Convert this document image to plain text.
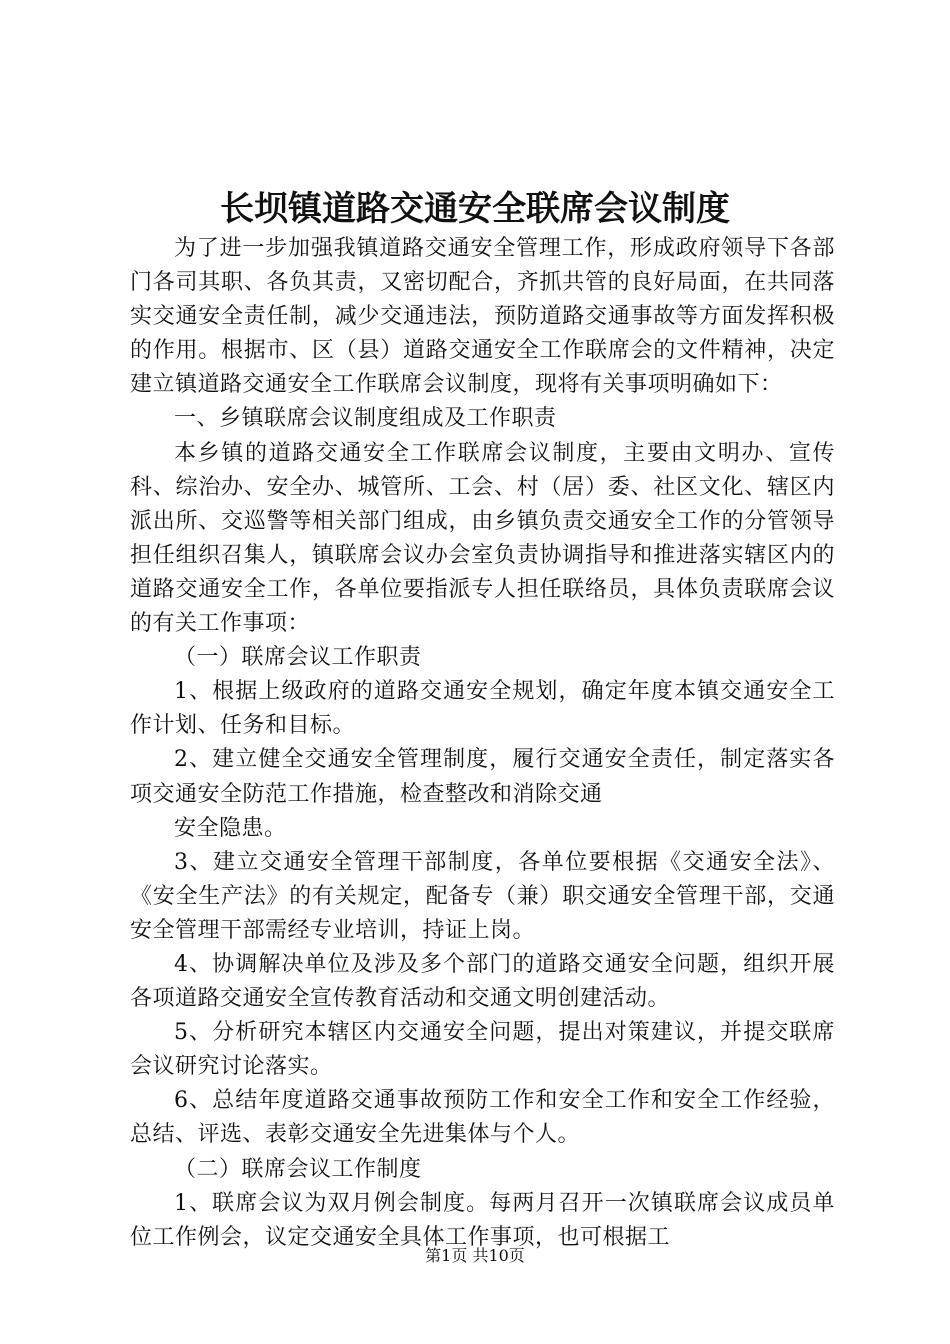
长坝镇道路交通安全联席会议制度

为了进一步加强我镇道路交通安全管理工作，形成政府领导下各部门各司其职、各负其责，又密切配合，齐抓共管的良好局面，在共同落实交通安全责任制，减少交通违法，预防道路交通事故等方面发挥积极的作用。根据市、区（县）道路交通安全工作联席会的文件精神，决定建立镇道路交通安全工作联席会议制度，现将有关事项明确如下：

一、乡镇联席会议制度组成及工作职责

本乡镇的道路交通安全工作联席会议制度，主要由文明办、宣传科、综治办、安全办、城管所、工会、村（居）委、社区文化、辖区内派出所、交巡警等相关部门组成，由乡镇负责交通安全工作的分管领导担任组织召集人，镇联席会议办会室负责协调指导和推进落实辖区内的道路交通安全工作，各单位要指派专人担任联络员，具体负责联席会议的有关工作事项：

（一）联席会议工作职责

1、根据上级政府的道路交通安全规划，确定年度本镇交通安全工作计划、任务和目标。

2、建立健全交通安全管理制度，履行交通安全责任，制定落实各项交通安全防范工作措施，检查整改和消除交通

安全隐患。

3、建立交通安全管理干部制度，各单位要根据《交通安全法》、《安全生产法》的有关规定，配备专（兼）职交通安全管理干部，交通安全管理干部需经专业培训，持证上岗。

4、协调解决单位及涉及多个部门的道路交通安全问题，组织开展各项道路交通安全宣传教育活动和交通文明创建活动。

5、分析研究本辖区内交通安全问题，提出对策建议，并提交联席会议研究讨论落实。

6、总结年度道路交通事故预防工作和安全工作和安全工作经验，总结、评选、表彰交通安全先进集体与个人。

（二）联席会议工作制度

1、联席会议为双月例会制度。每两月召开一次镇联席会议成员单位工作例会，议定交通安全具体工作事项，也可根据工

第1页 共10页
